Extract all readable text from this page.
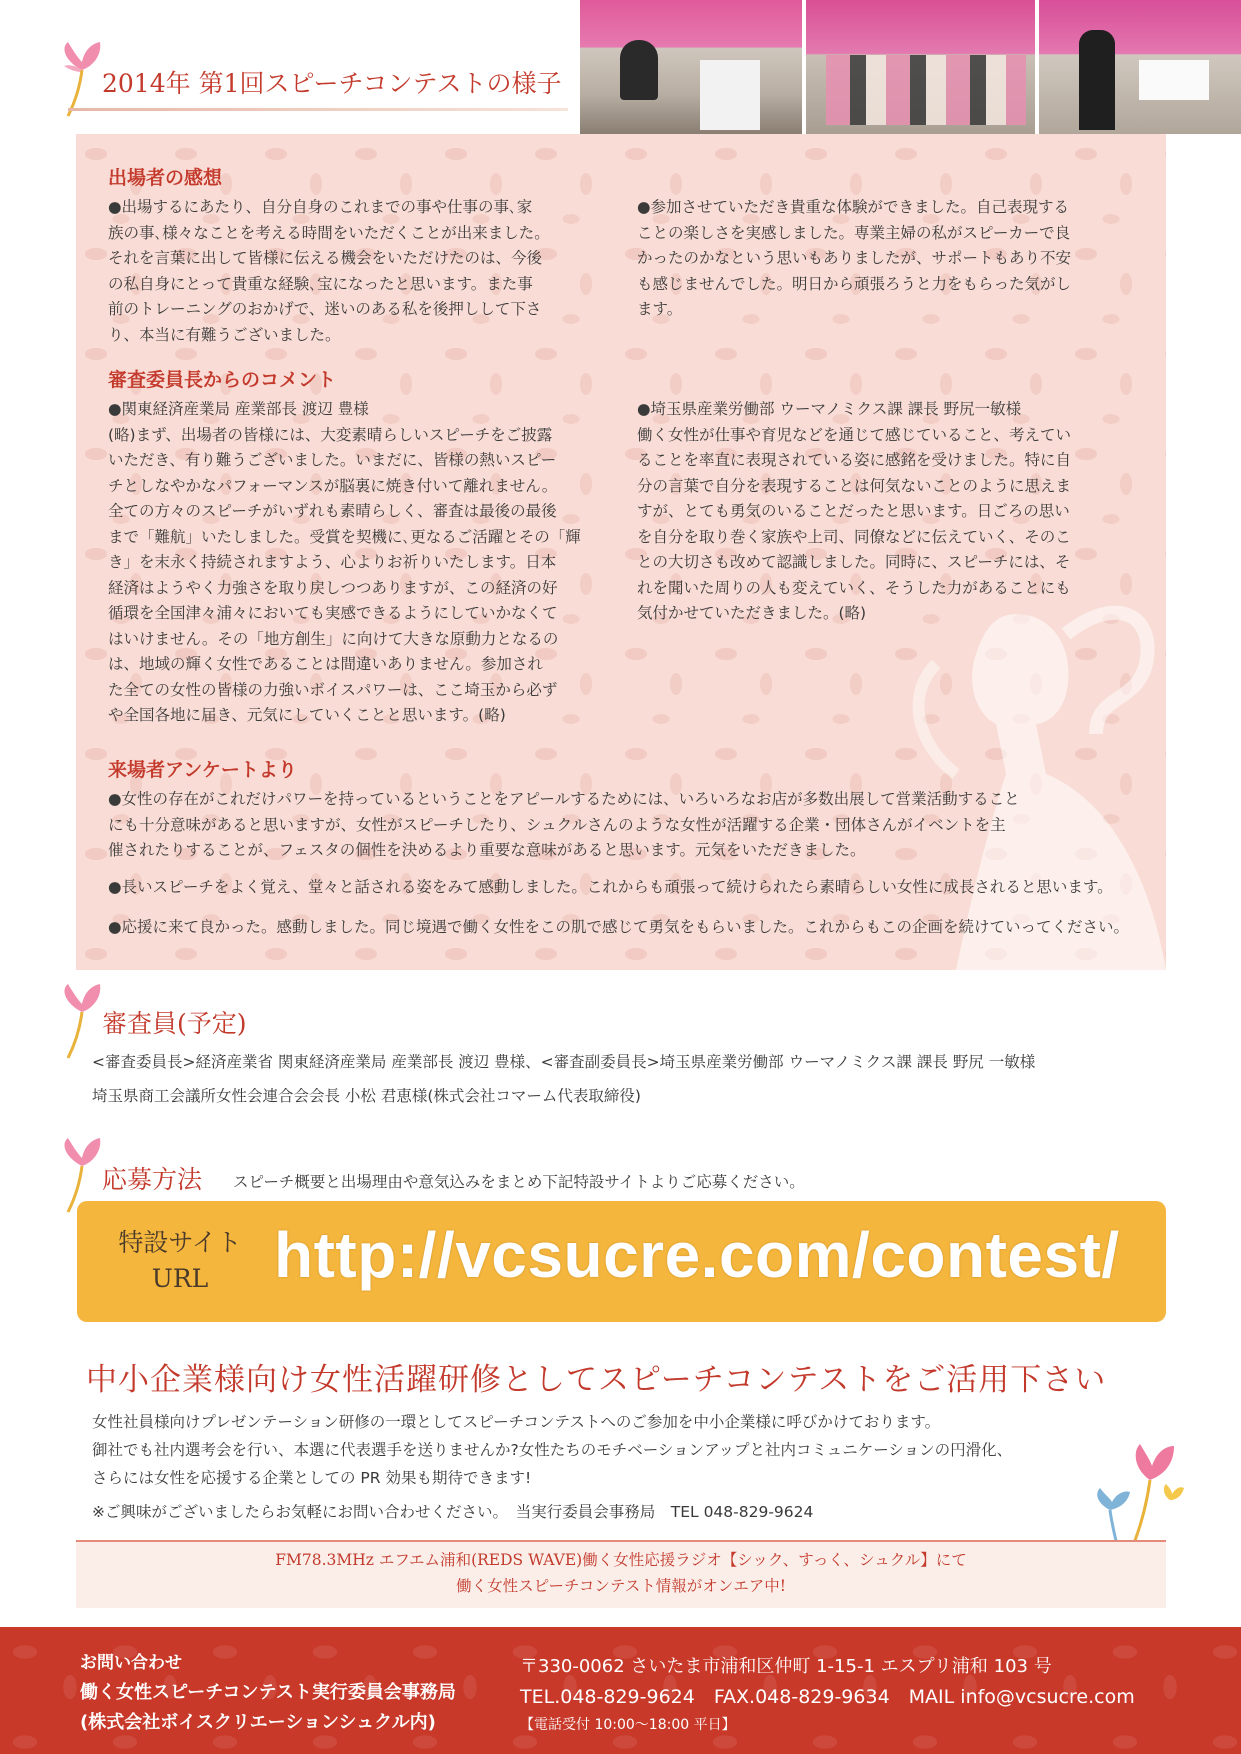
2014年 第1回スピーチコンテストの様子
出場者の感想
●出場するにあたり、自分自身のこれまでの事や仕事の事､家
族の事､様々なことを考える時間をいただくことが出来ました。
それを言葉に出して皆様に伝える機会をいただけたのは、今後
の私自身にとって貴重な経験､宝になったと思います。また事
前のトレーニングのおかげで、迷いのある私を後押しして下さ
り、本当に有難うございました。
●参加させていただき貴重な体験ができました。自己表現する
ことの楽しさを実感しました。専業主婦の私がスピーカーで良
かったのかなという思いもありましたが、サポートもあり不安
も感じませんでした。明日から頑張ろうと力をもらった気がし
ます。
審査委員長からのコメント
●関東経済産業局 産業部長 渡辺 豊様
(略)まず、出場者の皆様には、大変素晴らしいスピーチをご披露
いただき、有り難うございました。いまだに、皆様の熱いスピー
チとしなやかなパフォーマンスが脳裏に焼き付いて離れません。
全ての方々のスピーチがいずれも素晴らしく、審査は最後の最後
まで「難航」いたしました。受賞を契機に､更なるご活躍とその「輝
き」を末永く持続されますよう、心よりお祈りいたします。日本
経済はようやく力強さを取り戻しつつありますが、この経済の好
循環を全国津々浦々においても実感できるようにしていかなくて
はいけません。その「地方創生」に向けて大きな原動力となるの
は、地域の輝く女性であることは間違いありません。参加され
た全ての女性の皆様の力強いボイスパワーは、ここ埼玉から必ず
や全国各地に届き、元気にしていくことと思います。(略)
●埼玉県産業労働部 ウーマノミクス課 課長 野尻一敏様
働く女性が仕事や育児などを通じて感じていること、考えてい
ることを率直に表現されている姿に感銘を受けました。特に自
分の言葉で自分を表現することは何気ないことのように思えま
すが、とても勇気のいることだったと思います。日ごろの思い
を自分を取り巻く家族や上司、同僚などに伝えていく、そのこ
との大切さも改めて認識しました。同時に、スピーチには、そ
れを聞いた周りの人も変えていく、そうした力があることにも
気付かせていただきました。(略)
来場者アンケートより
●女性の存在がこれだけパワーを持っているということをアピールするためには、いろいろなお店が多数出展して営業活動すること
にも十分意味があると思いますが、女性がスピーチしたり、シュクルさんのような女性が活躍する企業・団体さんがイベントを主
催されたりすることが、フェスタの個性を決めるより重要な意味があると思います。元気をいただきました。
●長いスピーチをよく覚え、堂々と話される姿をみて感動しました。これからも頑張って続けられたら素晴らしい女性に成長されると思います。
●応援に来て良かった。感動しました。同じ境遇で働く女性をこの肌で感じて勇気をもらいました。これからもこの企画を続けていってください。
審査員(予定)
<審査委員長>経済産業省 関東経済産業局 産業部長 渡辺 豊様、<審査副委員長>埼玉県産業労働部 ウーマノミクス課 課長 野尻 一敏様
埼玉県商工会議所女性会連合会会長 小松 君恵様(株式会社コマーム代表取締役)
応募方法 スピーチ概要と出場理由や意気込みをまとめ下記特設サイトよりご応募ください。
特設サイト
URL	http://vcsucre.com/contest/
中小企業様向け女性活躍研修としてスピーチコンテストをご活用下さい
女性社員様向けプレゼンテーション研修の一環としてスピーチコンテストへのご参加を中小企業様に呼びかけております。
御社でも社内選考会を行い、本選に代表選手を送りませんか?女性たちのモチベーションアップと社内コミュニケーションの円滑化、
さらには女性を応援する企業としての PR 効果も期待できます!
※ご興味がございましたらお気軽にお問い合わせください。　当実行委員会事務局　TEL 048-829-9624
FM78.3MHz エフエム浦和(REDS WAVE)働く女性応援ラジオ【シック、すっく、シュクル】にて
働く女性スピーチコンテスト情報がオンエア中!
お問い合わせ
働く女性スピーチコンテスト実行委員会事務局
(株式会社ボイスクリエーションシュクル内)
〒330-0062 さいたま市浦和区仲町 1-15-1 エスプリ浦和 103 号
TEL.048-829-9624　FAX.048-829-9634　MAIL info@vcsucre.com
【電話受付 10:00～18:00 平日】
